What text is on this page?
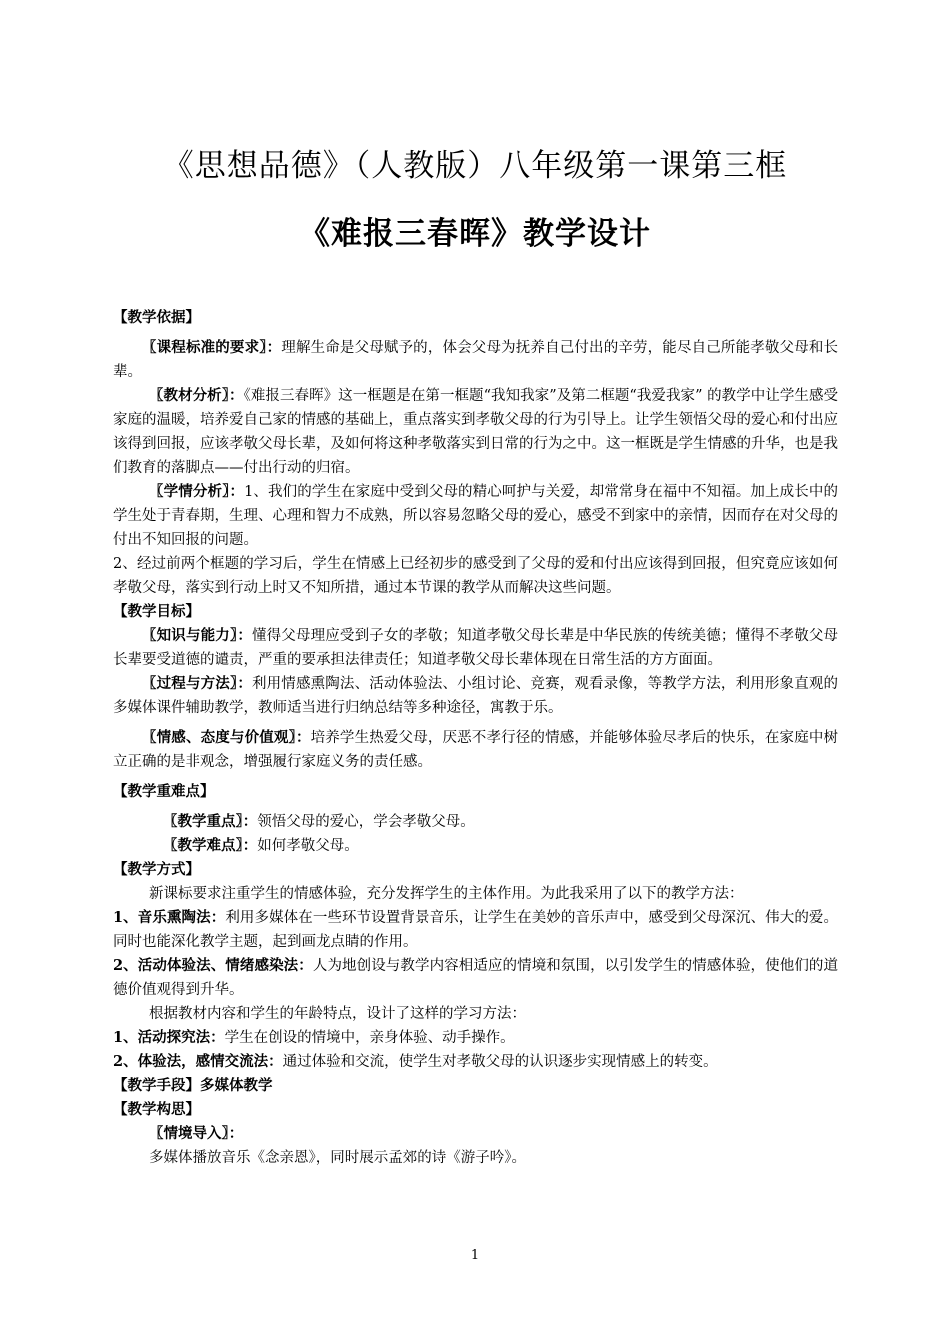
《思想品德》（人教版）八年级第一课第三框
《难报三春晖》教学设计

【教学依据】

〖课程标准的要求〗：理解生命是父母赋予的，体会父母为抚养自己付出的辛劳，能尽自己所能孝敬父母和长辈。

〖教材分析〗：《难报三春晖》这一框题是在第一框题“我知我家”及第二框题“我爱我家” 的教学中让学生感受家庭的温暖，培养爱自己家的情感的基础上，重点落实到孝敬父母的行为引导上。让学生领悟父母的爱心和付出应该得到回报，应该孝敬父母长辈，及如何将这种孝敬落实到日常的行为之中。这一框既是学生情感的升华，也是我们教育的落脚点——付出行动的归宿。

〖学情分析〗：1、我们的学生在家庭中受到父母的精心呵护与关爱，却常常身在福中不知福。加上成长中的学生处于青春期，生理、心理和智力不成熟，所以容易忽略父母的爱心，感受不到家中的亲情，因而存在对父母的付出不知回报的问题。

2、经过前两个框题的学习后，学生在情感上已经初步的感受到了父母的爱和付出应该得到回报，但究竟应该如何孝敬父母，落实到行动上时又不知所措，通过本节课的教学从而解决这些问题。

【教学目标】

〖知识与能力〗：懂得父母理应受到子女的孝敬；知道孝敬父母长辈是中华民族的传统美德；懂得不孝敬父母长辈要受道德的谴责，严重的要承担法律责任；知道孝敬父母长辈体现在日常生活的方方面面。

〖过程与方法〗：利用情感熏陶法、活动体验法、小组讨论、竞赛，观看录像，等教学方法，利用形象直观的多媒体课件辅助教学，教师适当进行归纳总结等多种途径，寓教于乐。

〖情感、态度与价值观〗：培养学生热爱父母，厌恶不孝行径的情感，并能够体验尽孝后的快乐，在家庭中树立正确的是非观念，增强履行家庭义务的责任感。

【教学重难点】

〖教学重点〗：领悟父母的爱心，学会孝敬父母。

〖教学难点〗：如何孝敬父母。

【教学方式】

新课标要求注重学生的情感体验，充分发挥学生的主体作用。为此我采用了以下的教学方法：

1、音乐熏陶法：利用多媒体在一些环节设置背景音乐，让学生在美妙的音乐声中，感受到父母深沉、伟大的爱。同时也能深化教学主题，起到画龙点睛的作用。

2、活动体验法、情绪感染法：人为地创设与教学内容相适应的情境和氛围，以引发学生的情感体验，使他们的道德价值观得到升华。

根据教材内容和学生的年龄特点，设计了这样的学习方法：

1、活动探究法：学生在创设的情境中，亲身体验、动手操作。

2、体验法，感情交流法：通过体验和交流，使学生对孝敬父母的认识逐步实现情感上的转变。

【教学手段】多媒体教学

【教学构思】

〖情境导入〗：

多媒体播放音乐《念亲恩》，同时展示孟郊的诗《游子吟》。

1
